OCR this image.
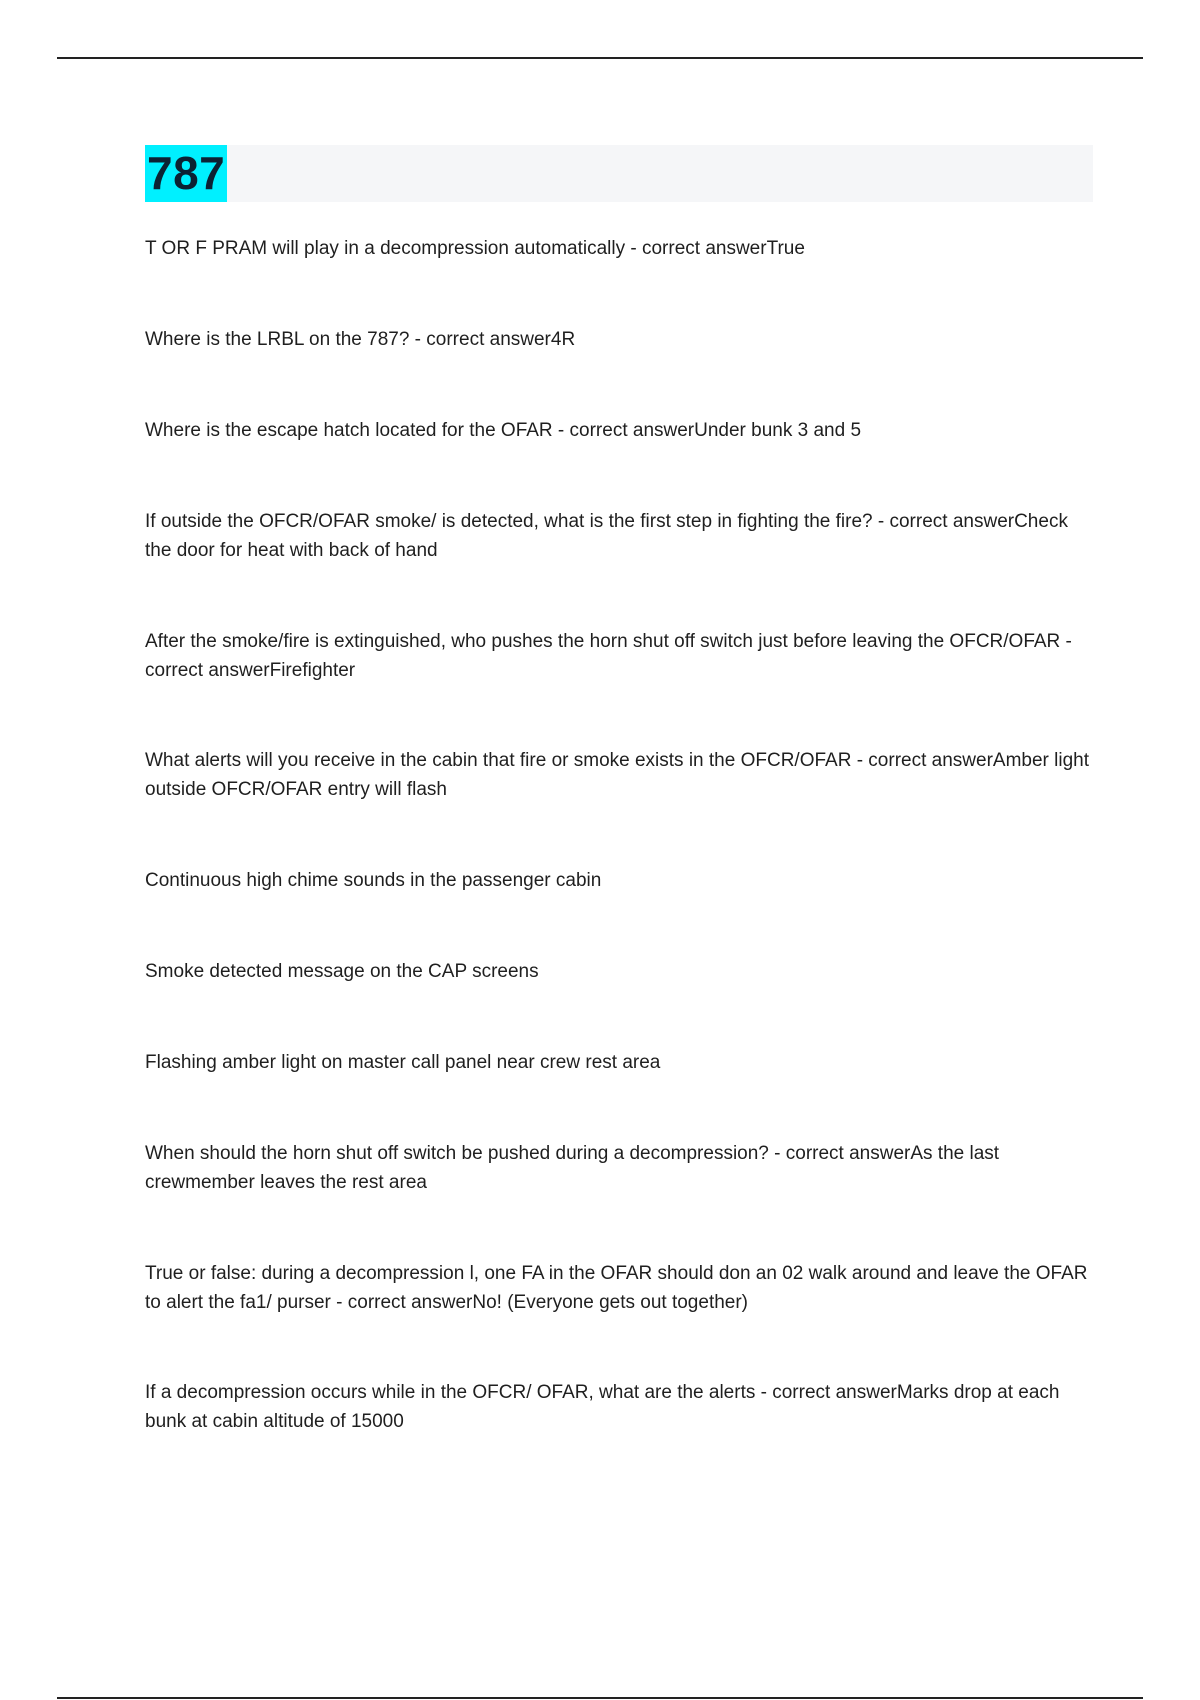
787

T OR F PRAM will play in a decompression automatically - correct answerTrue

Where is the LRBL on the 787? - correct answer4R

Where is the escape hatch located for the OFAR - correct answerUnder bunk 3 and 5

If outside the OFCR/OFAR smoke/ is detected, what is the first step in fighting the fire? - correct answerCheck the door for heat with back of hand

After the smoke/fire is extinguished, who pushes the horn shut off switch just before leaving the OFCR/OFAR - correct answerFirefighter

What alerts will you receive in the cabin that fire or smoke exists in the OFCR/OFAR - correct answerAmber light outside OFCR/OFAR entry will flash

Continuous high chime sounds in the passenger cabin

Smoke detected message on the CAP screens

Flashing amber light on master call panel near crew rest area

When should the horn shut off switch be pushed during a decompression? - correct answerAs the last crewmember leaves the rest area

True or false: during a decompression l, one FA in the OFAR should don an 02 walk around and leave the OFAR to alert the fa1/ purser - correct answerNo! (Everyone gets out together)

If a decompression occurs while in the OFCR/ OFAR, what are the alerts - correct answerMarks drop at each bunk at cabin altitude of 15000
